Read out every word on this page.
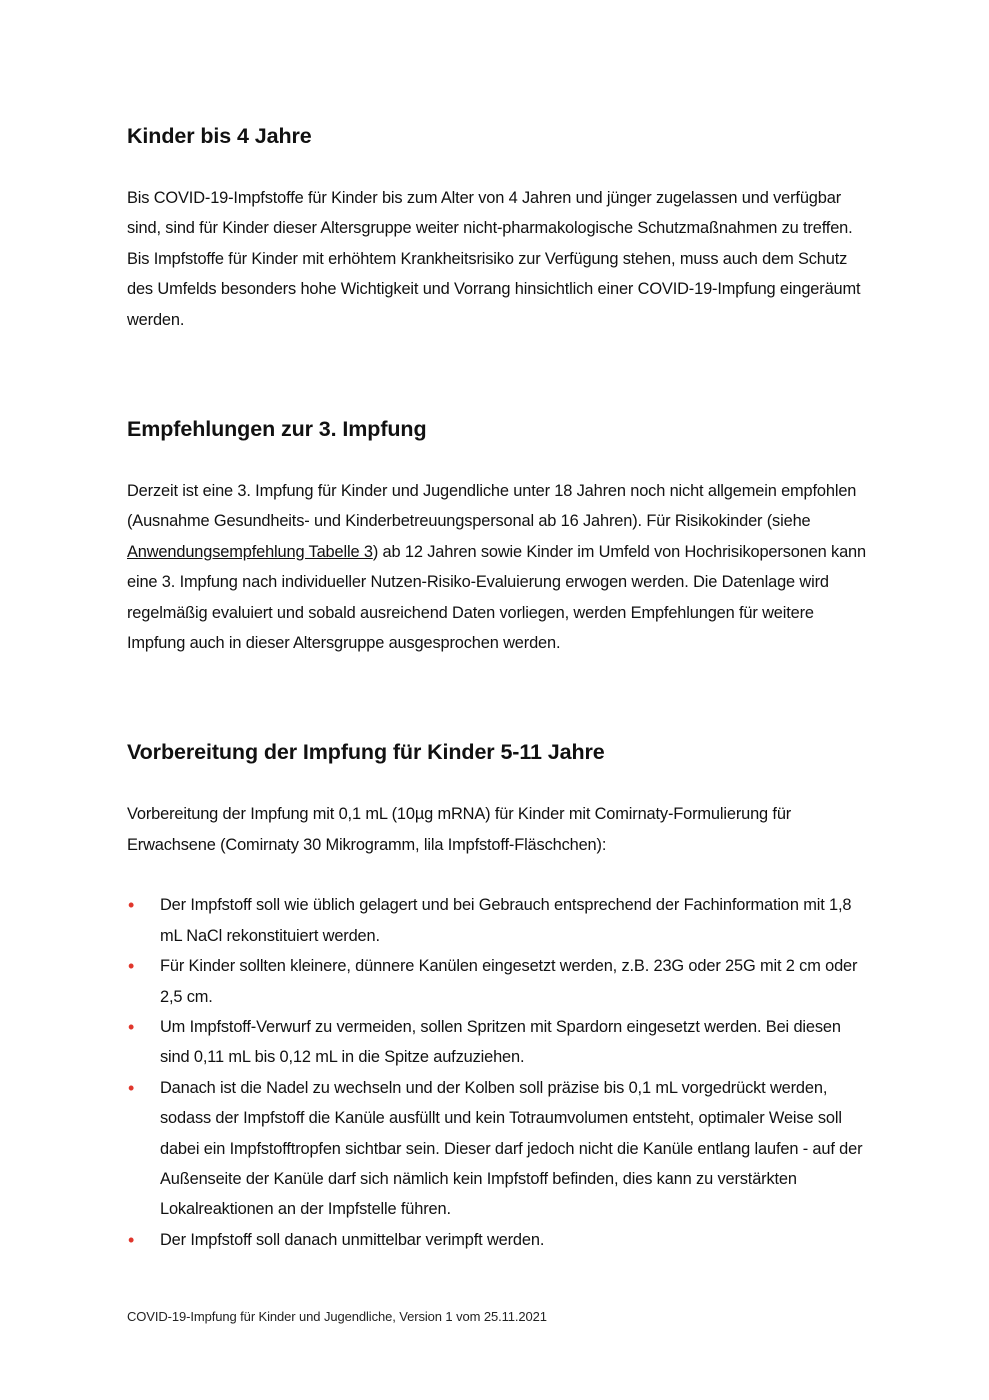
Kinder bis 4 Jahre

Bis COVID-19-Impfstoffe für Kinder bis zum Alter von 4 Jahren und jünger zugelassen und verfügbar sind, sind für Kinder dieser Altersgruppe weiter nicht-pharmakologische Schutzmaßnahmen zu treffen. Bis Impfstoffe für Kinder mit erhöhtem Krankheitsrisiko zur Verfügung stehen, muss auch dem Schutz des Umfelds besonders hohe Wichtigkeit und Vorrang hinsichtlich einer COVID-19-Impfung eingeräumt werden.

Empfehlungen zur 3. Impfung

Derzeit ist eine 3. Impfung für Kinder und Jugendliche unter 18 Jahren noch nicht allgemein empfohlen (Ausnahme Gesundheits- und Kinderbetreuungspersonal ab 16 Jahren). Für Risikokinder (siehe Anwendungsempfehlung Tabelle 3) ab 12 Jahren sowie Kinder im Umfeld von Hochrisikopersonen kann eine 3. Impfung nach individueller Nutzen-Risiko-Evaluierung erwogen werden. Die Datenlage wird regelmäßig evaluiert und sobald ausreichend Daten vorliegen, werden Empfehlungen für weitere Impfung auch in dieser Altersgruppe ausgesprochen werden.

Vorbereitung der Impfung für Kinder 5-11 Jahre

Vorbereitung der Impfung mit 0,1 mL (10µg mRNA) für Kinder mit Comirnaty-Formulierung für Erwachsene (Comirnaty 30 Mikrogramm, lila Impfstoff-Fläschchen):

• Der Impfstoff soll wie üblich gelagert und bei Gebrauch entsprechend der Fachinformation mit 1,8 mL NaCl rekonstituiert werden.
• Für Kinder sollten kleinere, dünnere Kanülen eingesetzt werden, z.B. 23G oder 25G mit 2 cm oder 2,5 cm.
• Um Impfstoff-Verwurf zu vermeiden, sollen Spritzen mit Spardorn eingesetzt werden. Bei diesen sind 0,11 mL bis 0,12 mL in die Spitze aufzuziehen.
• Danach ist die Nadel zu wechseln und der Kolben soll präzise bis 0,1 mL vorgedrückt werden, sodass der Impfstoff die Kanüle ausfüllt und kein Totraumvolumen entsteht, optimaler Weise soll dabei ein Impfstofftropfen sichtbar sein. Dieser darf jedoch nicht die Kanüle entlang laufen - auf der Außenseite der Kanüle darf sich nämlich kein Impfstoff befinden, dies kann zu verstärkten Lokalreaktionen an der Impfstelle führen.
• Der Impfstoff soll danach unmittelbar verimpft werden.
COVID-19-Impfung für Kinder und Jugendliche, Version 1 vom 25.11.2021
